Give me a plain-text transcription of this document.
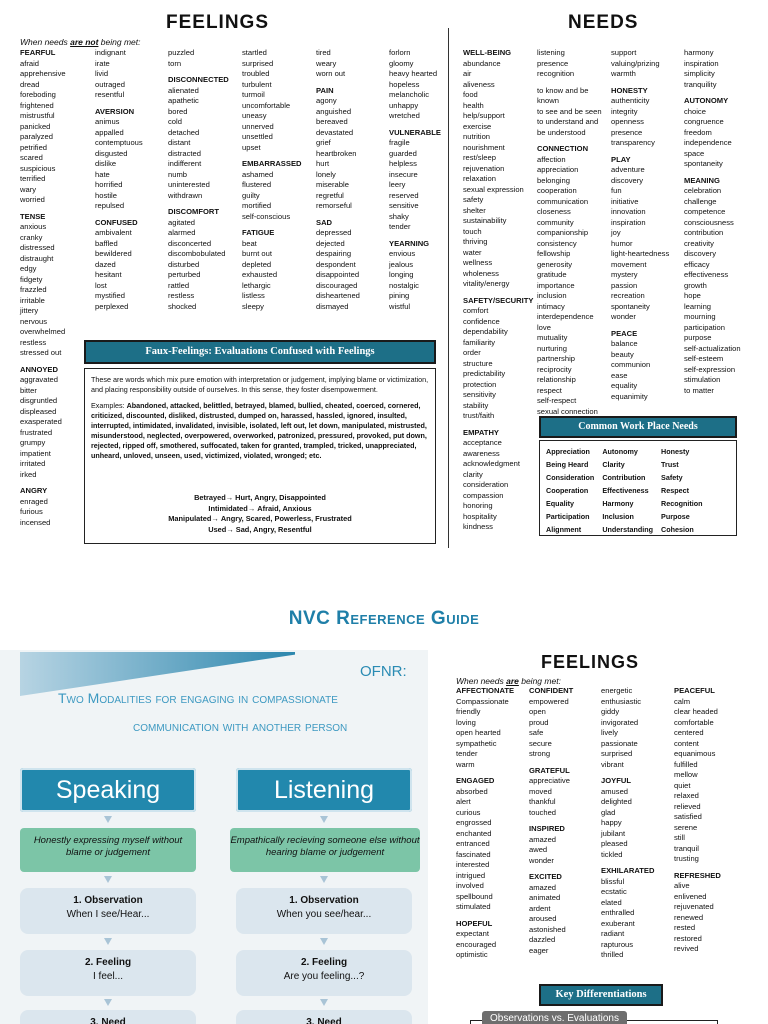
FEELINGS
When needs are not being met:
FEARFUL
afraid
apprehensive
dread
foreboding
frightened
mistrustful
panicked
paralyzed
petrified
scared
suspicious
terrified
wary
worried
TENSE
anxious
cranky
distressed
distraught
edgy
fidgety
frazzled
irritable
jittery
nervous
overwhelmed
restless
stressed out
ANNOYED
aggravated
bitter
disgruntled
displeased
exasperated
frustrated
grumpy
impatient
irritated
irked
ANGRY
enraged
furious
incensed
indignant
irate
livid
outraged
resentful
AVERSION
animus
appalled
contemptuous
disgusted
dislike
hate
horrified
hostile
repulsed
CONFUSED
ambivalent
baffled
bewildered
dazed
hesitant
lost
mystified
perplexed
puzzled
torn
DISCONNECTED
alienated
apathetic
bored
cold
detached
distant
distracted
indifferent
numb
uninterested
withdrawn
DISCOMFORT
agitated
alarmed
disconcerted
discombobulated
disturbed
perturbed
rattled
restless
shocked
startled
surprised
troubled
turbulent
turmoil
uncomfortable
uneasy
unnerved
unsettled
upset
EMBARRASSED
ashamed
flustered
guilty
mortified
self-conscious
FATIGUE
beat
burnt out
depleted
exhausted
lethargic
listless
sleepy
tired
weary
worn out
PAIN
agony
anguished
bereaved
devastated
grief
heartbroken
hurt
lonely
miserable
regretful
remorseful
SAD
depressed
dejected
despairing
despondent
disappointed
discouraged
disheartened
dismayed
forlorn
gloomy
heavy hearted
hopeless
melancholic
unhappy
wretched
VULNERABLE
fragile
guarded
helpless
insecure
leery
reserved
sensitive
shaky
tender
YEARNING
envious
jealous
longing
nostalgic
pining
wistful
Faux-Feelings: Evaluations Confused with Feelings
These are words which mix pure emotion with interpretation or judgement, implying blame or victimization, and placing responsibility outside of ourselves. In this sense, they foster disempowerment.
Examples: Abandoned, attacked, belittled, betrayed, blamed, bullied, cheated, coerced, cornered, criticized, discounted, disliked, distrusted, dumped on, harassed, hassled, ignored, insulted, interrupted, intimidated, invalidated, invisible, isolated, left out, let down, manipulated, mistrusted, misunderstood, neglected, overpowered, overworked, patronized, pressured, provoked, put down, rejected, ripped off, smothered, suffocated, taken for granted, trampled, tricked, unappreciated, unheard, unloved, unseen, used, victimized, violated, wronged; etc.
Betrayed→ Hurt, Angry, Disappointed
Intimidated→ Afraid, Anxious
Manipulated→ Angry, Scared, Powerless, Frustrated
Used→ Sad, Angry, Resentful
NEEDS
WELL-BEING
abundance
air
aliveness
food
health
help/support
exercise
nutrition
nourishment
rest/sleep
rejuvenation
relaxation
sexual expression
safety
shelter
sustainability
touch
thriving
water
wellness
wholeness
vitality/energy
SAFETY/SECURITY
comfort
confidence
dependability
familiarity
order
structure
predictability
protection
sensitivity
stability
trust/faith
EMPATHY
acceptance
awareness
acknowledgment
clarity
consideration
compassion
honoring
hospitality
kindness
listening
presence
recognition
to know and be
known
to see and be seen
to understand and
be understood
CONNECTION
affection
appreciation
belonging
cooperation
communication
closeness
community
companionship
consistency
fellowship
generosity
gratitude
importance
inclusion
intimacy
interdependence
love
mutuality
nurturing
partnership
reciprocity
relationship
respect
self-respect
sexual connection
support
valuing/prizing
warmth
HONESTY
authenticity
integrity
openness
presence
transparency
PLAY
adventure
discovery
fun
initiative
innovation
inspiration
joy
humor
light-heartedness
movement
mystery
passion
recreation
spontaneity
wonder
PEACE
balance
beauty
communion
ease
equality
equanimity
harmony
inspiration
simplicity
tranquility
AUTONOMY
choice
congruence
freedom
independence
space
spontaneity
MEANING
celebration
challenge
competence
consciousness
contribution
creativity
discovery
efficacy
effectiveness
growth
hope
learning
mourning
participation
purpose
self-actualization
self-esteem
self-expression
stimulation
to matter
Common Work Place Needs
Appreciation	Autonomy	Honesty
Being Heard	Clarity	Trust
Consideration	Contribution	Safety
Cooperation	Effectiveness	Respect
Equality	Harmony	Recognition
Participation	Inclusion	Purpose
Alignment	Understanding	Cohesion
NVC Reference Guide
OFNR:
Two Modalities for engaging in compassionate
communication with another person
Speaking
Honestly expressing myself without blame or judgement
1. Observation
When I see/Hear...
2. Feeling
I feel...
3. Need
Listening
Empathically recieving someone else without hearing blame or judgement
1. Observation
When you see/hear...
2. Feeling
Are you feeling...?
3. Need
FEELINGS
When needs are being met:
AFFECTIONATE
Compassionate
friendly
loving
open hearted
sympathetic
tender
warm
ENGAGED
absorbed
alert
curious
engrossed
enchanted
entranced
fascinated
interested
intrigued
involved
spellbound
stimulated
HOPEFUL
expectant
encouraged
optimistic
CONFIDENT
empowered
open
proud
safe
secure
strong
GRATEFUL
appreciative
moved
thankful
touched
INSPIRED
amazed
awed
wonder
EXCITED
amazed
animated
ardent
aroused
astonished
dazzled
eager
energetic
enthusiastic
giddy
invigorated
lively
passionate
surprised
vibrant
JOYFUL
amused
delighted
glad
happy
jubilant
pleased
tickled
EXHILARATED
blissful
ecstatic
elated
enthralled
exuberant
radiant
rapturous
thrilled
PEACEFUL
calm
clear headed
comfortable
centered
content
equanimous
fulfilled
mellow
quiet
relaxed
relieved
satisfied
serene
still
tranquil
trusting
REFRESHED
alive
enlivened
rejuvenated
renewed
rested
restored
revived
Key Differentiations
Observations vs. Evaluations
